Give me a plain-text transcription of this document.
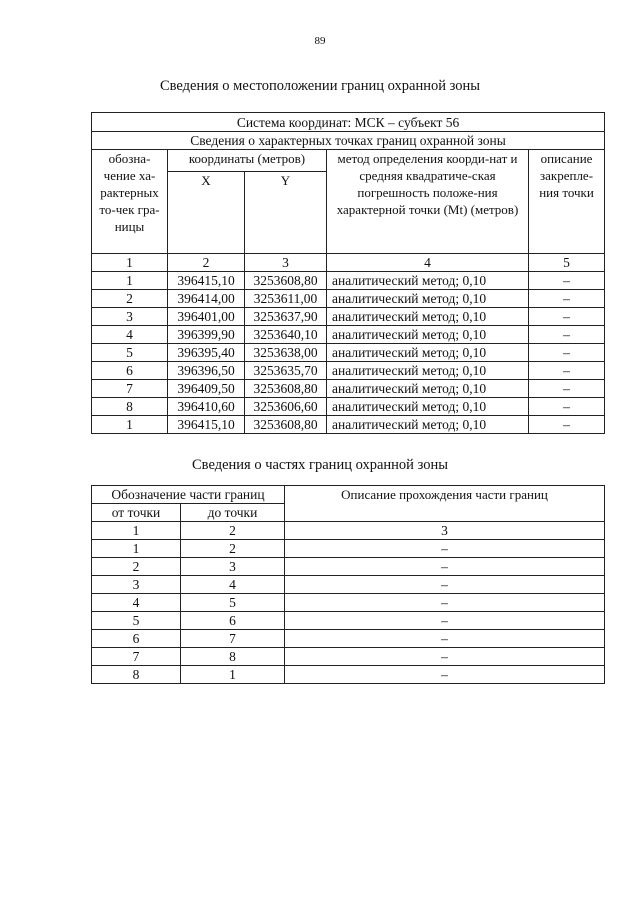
89
Сведения о местоположении границ охранной зоны
Система координат: МСК – субъект 56				
Сведения о характерных точках границ охранной зоны				
обозна-чение ха-рактерных то-чек гра-ницы	координаты (метров)		метод определения коорди-нат и средняя квадратиче-ская погрешность положе-ния характерной точки (Mt) (метров)	описание закрепле-ния точки
	X	Y		
1	2	3	4	5
1	396415,10	3253608,80	аналитический метод; 0,10	–
2	396414,00	3253611,00	аналитический метод; 0,10	–
3	396401,00	3253637,90	аналитический метод; 0,10	–
4	396399,90	3253640,10	аналитический метод; 0,10	–
5	396395,40	3253638,00	аналитический метод; 0,10	–
6	396396,50	3253635,70	аналитический метод; 0,10	–
7	396409,50	3253608,80	аналитический метод; 0,10	–
8	396410,60	3253606,60	аналитический метод; 0,10	–
1	396415,10	3253608,80	аналитический метод; 0,10	–
Сведения о частях границ охранной зоны
Обозначение части границ		Описание прохождения части границ
от точки	до точки	
1	2	3
1	2	–
2	3	–
3	4	–
4	5	–
5	6	–
6	7	–
7	8	–
8	1	–
